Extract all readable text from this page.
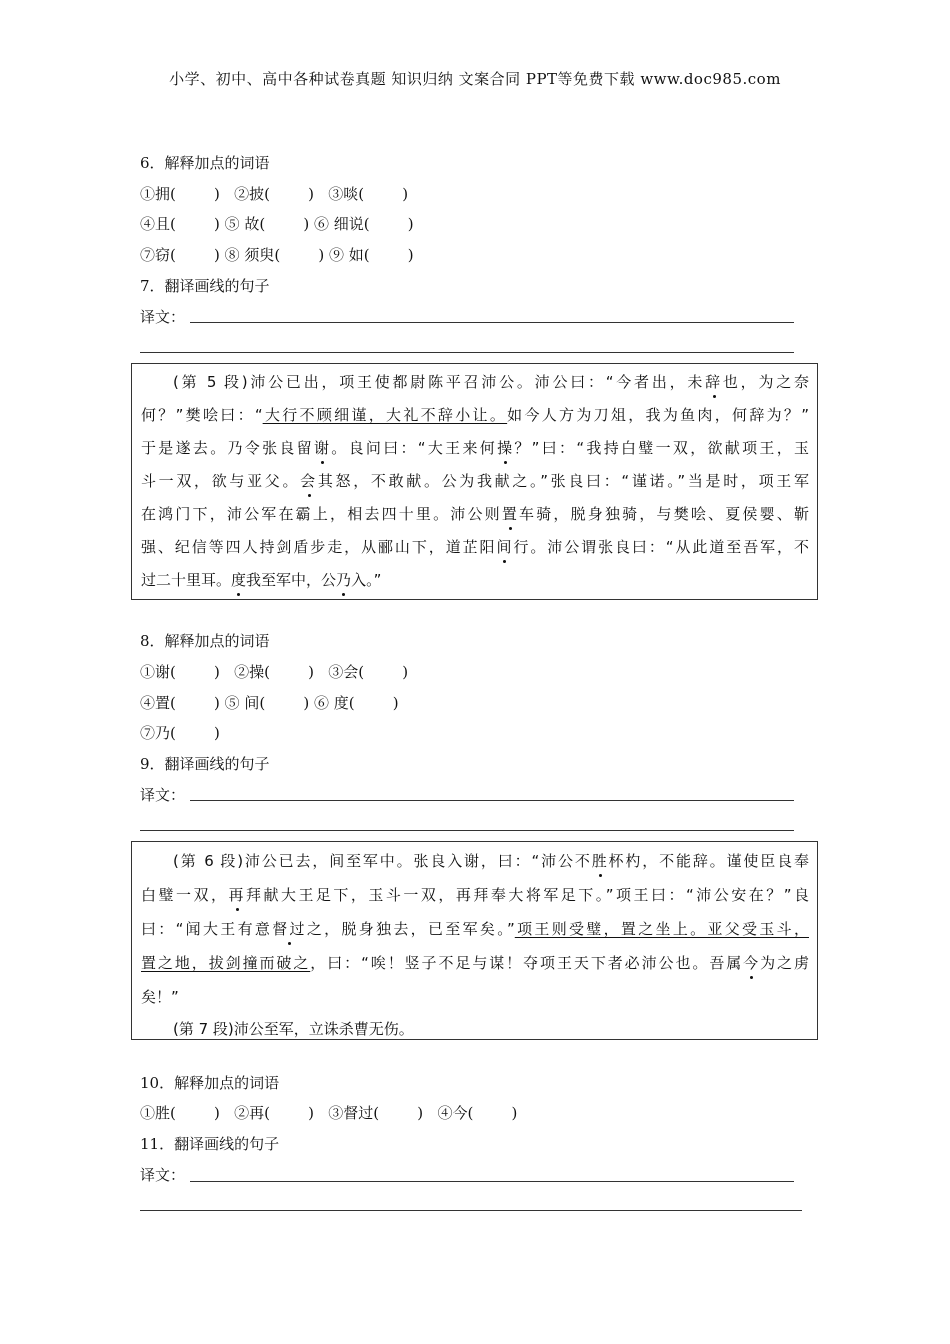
小学、初中、高中各种试卷真题 知识归纳 文案合同 PPT等免费下载 www.doc985.com
6．解释加点的词语
①拥(        )   ②披(        )   ③啖(        )
④且(        ) ⑤ 故(        ) ⑥ 细说(        )
⑦窃(        ) ⑧ 须臾(        ) ⑨ 如(        )
7．翻译画线的句子
译文：

(第 5 段)沛公已出，项王使都尉陈平召沛公。沛公曰：“今者出，未辞也，为之奈

何？”樊哙曰：“大行不顾细谨，大礼不辞小让。如今人方为刀俎，我为鱼肉，何辞为？”

于是遂去。乃令张良留谢。良问曰：“大王来何操？”曰：“我持白璧一双，欲献项王，玉

斗一双，欲与亚父。会其怒，不敢献。公为我献之。”张良曰：“谨诺。”当是时，项王军

在鸿门下，沛公军在霸上，相去四十里。沛公则置车骑，脱身独骑，与樊哙、夏侯婴、靳

强、纪信等四人持剑盾步走，从郦山下，道芷阳间行。沛公谓张良曰：“从此道至吾军，不

过二十里耳。度我至军中，公乃入。”

8．解释加点的词语
①谢(        )   ②操(        )   ③会(        )
④置(        ) ⑤ 间(        ) ⑥ 度(        )
⑦乃(        )
9．翻译画线的句子
译文：

(第 6 段)沛公已去，间至军中。张良入谢，曰：“沛公不胜杯杓，不能辞。谨使臣良奉

白璧一双，再拜献大王足下，玉斗一双，再拜奉大将军足下。”项王曰：“沛公安在？”良

曰：“闻大王有意督过之，脱身独去，已至军矣。”项王则受璧，置之坐上。亚父受玉斗，

置之地，拔剑撞而破之，曰：“唉！竖子不足与谋！夺项王天下者必沛公也。吾属今为之虏

矣！”

(第 7 段)沛公至军，立诛杀曹无伤。

10．解释加点的词语
①胜(        )   ②再(        )   ③督过(        )   ④今(        )
11．翻译画线的句子
译文：
